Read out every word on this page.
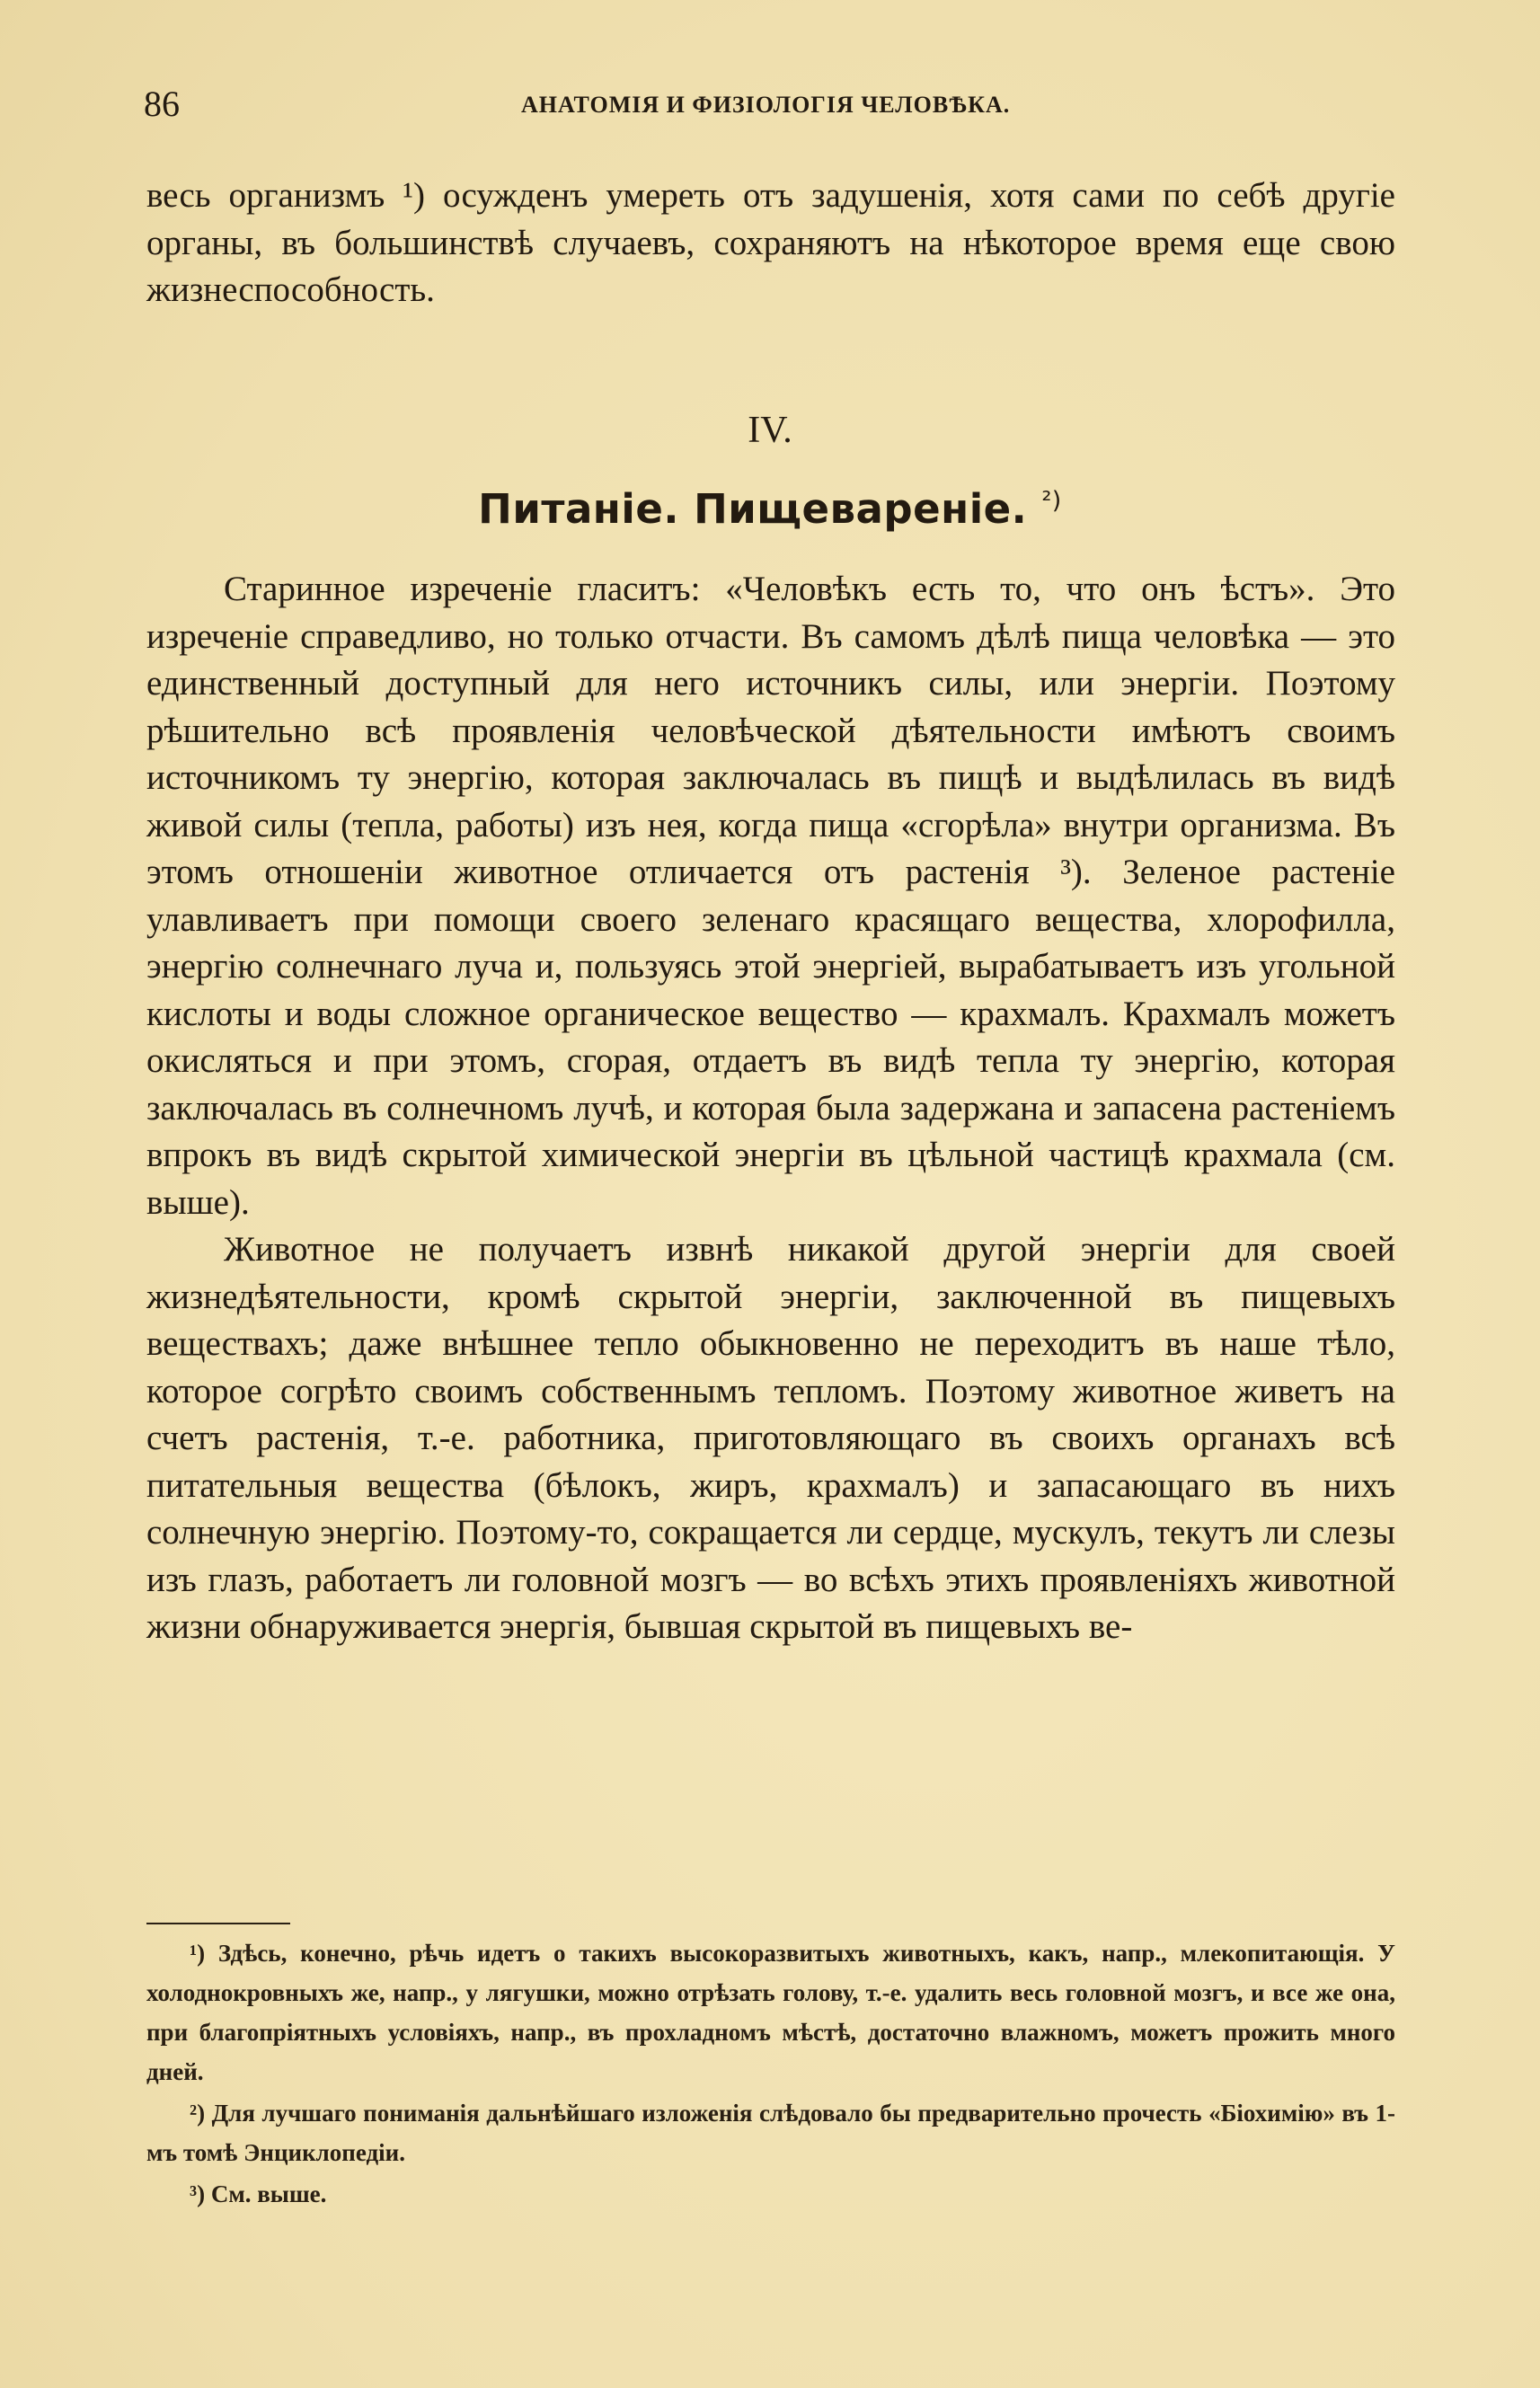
86	АНАТОМІЯ И ФИЗІОЛОГІЯ ЧЕЛОВѢКА.
весь организмъ ¹) осужденъ умереть отъ задушенія, хотя сами по себѣ другіе органы, въ большинствѣ случаевъ, сохраняютъ на нѣкоторое время еще свою жизнеспособность.
IV.
Питаніе. Пищевареніе. $^{^2)}$

Старинное изреченіе гласитъ: «Человѣкъ есть то, что онъ ѣстъ». Это изреченіе справедливо, но только отчасти. Въ самомъ дѣлѣ пища человѣка — это единственный доступный для него источникъ силы, или энергіи. Поэтому рѣшительно всѣ проявленія человѣческой дѣятельности имѣютъ своимъ источникомъ ту энергію, которая заключалась въ пищѣ и выдѣлилась въ видѣ живой силы (тепла, работы) изъ нея, когда пища «сгорѣла» внутри организма. Въ этомъ отношеніи животное отличается отъ растенія ³). Зеленое растеніе улавливаетъ при помощи своего зеленаго красящаго вещества, хлорофилла, энергію солнечнаго луча и, пользуясь этой энергіей, вырабатываетъ изъ угольной кислоты и воды сложное органическое вещество — крахмалъ. Крахмалъ можетъ окисляться и при этомъ, сгорая, отдаетъ въ видѣ тепла ту энергію, которая заключалась въ солнечномъ лучѣ, и которая была задержана и запасена растеніемъ впрокъ въ видѣ скрытой химической энергіи въ цѣльной частицѣ крахмала (см. выше).

Животное не получаетъ извнѣ никакой другой энергіи для своей жизнедѣятельности, кромѣ скрытой энергіи, заключенной въ пищевыхъ веществахъ; даже внѣшнее тепло обыкновенно не переходитъ въ наше тѣло, которое согрѣто своимъ собственнымъ тепломъ. Поэтому животное живетъ на счетъ растенія, т.-е. работника, приготовляющаго въ своихъ органахъ всѣ питательныя вещества (бѣлокъ, жиръ, крахмалъ) и запасающаго въ нихъ солнечную энергію. Поэтому-то, сокращается ли сердце, мускулъ, текутъ ли слезы изъ глазъ, работаетъ ли головной мозгъ — во всѣхъ этихъ проявленіяхъ животной жизни обнаруживается энергія, бывшая скрытой въ пищевыхъ ве-

¹) Здѣсь, конечно, рѣчь идетъ о такихъ высокоразвитыхъ животныхъ, какъ, напр., млекопитающія. У холоднокровныхъ же, напр., у лягушки, можно отрѣзать голову, т.-е. удалить весь головной мозгъ, и все же она, при благопріятныхъ условіяхъ, напр., въ прохладномъ мѣстѣ, достаточно влажномъ, можетъ прожить много дней.

²) Для лучшаго пониманія дальнѣйшаго изложенія слѣдовало бы предварительно прочесть «Біохимію» въ 1-мъ томѣ Энциклопедіи.

³) См. выше.
